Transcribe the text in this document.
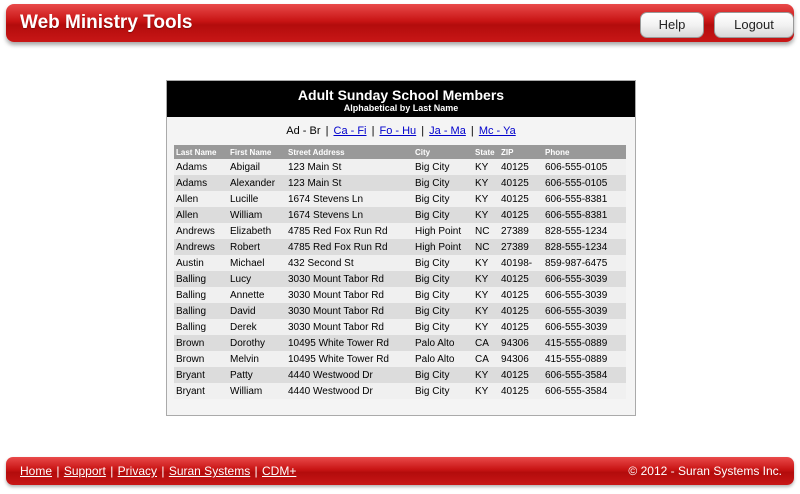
Web Ministry Tools	Help	Logout
Adult Sunday School Members
Alphabetical by Last Name
Ad - Br | Ca - Fi | Fo - Hu | Ja - Ma | Mc - Ya
Last Name	First Name	Street Address	City	State	ZIP	Phone
Adams	Abigail	123 Main St	Big City	KY	40125	606-555-0105
Adams	Alexander	123 Main St	Big City	KY	40125	606-555-0105
Allen	Lucille	1674 Stevens Ln	Big City	KY	40125	606-555-8381
Allen	William	1674 Stevens Ln	Big City	KY	40125	606-555-8381
Andrews	Elizabeth	4785 Red Fox Run Rd	High Point	NC	27389	828-555-1234
Andrews	Robert	4785 Red Fox Run Rd	High Point	NC	27389	828-555-1234
Austin	Michael	432 Second St	Big City	KY	40198-	859-987-6475
Balling	Lucy	3030 Mount Tabor Rd	Big City	KY	40125	606-555-3039
Balling	Annette	3030 Mount Tabor Rd	Big City	KY	40125	606-555-3039
Balling	David	3030 Mount Tabor Rd	Big City	KY	40125	606-555-3039
Balling	Derek	3030 Mount Tabor Rd	Big City	KY	40125	606-555-3039
Brown	Dorothy	10495 White Tower Rd	Palo Alto	CA	94306	415-555-0889
Brown	Melvin	10495 White Tower Rd	Palo Alto	CA	94306	415-555-0889
Bryant	Patty	4440 Westwood Dr	Big City	KY	40125	606-555-3584
Bryant	William	4440 Westwood Dr	Big City	KY	40125	606-555-3584
Home | Support | Privacy | Suran Systems | CDM+	© 2012 - Suran Systems Inc.
